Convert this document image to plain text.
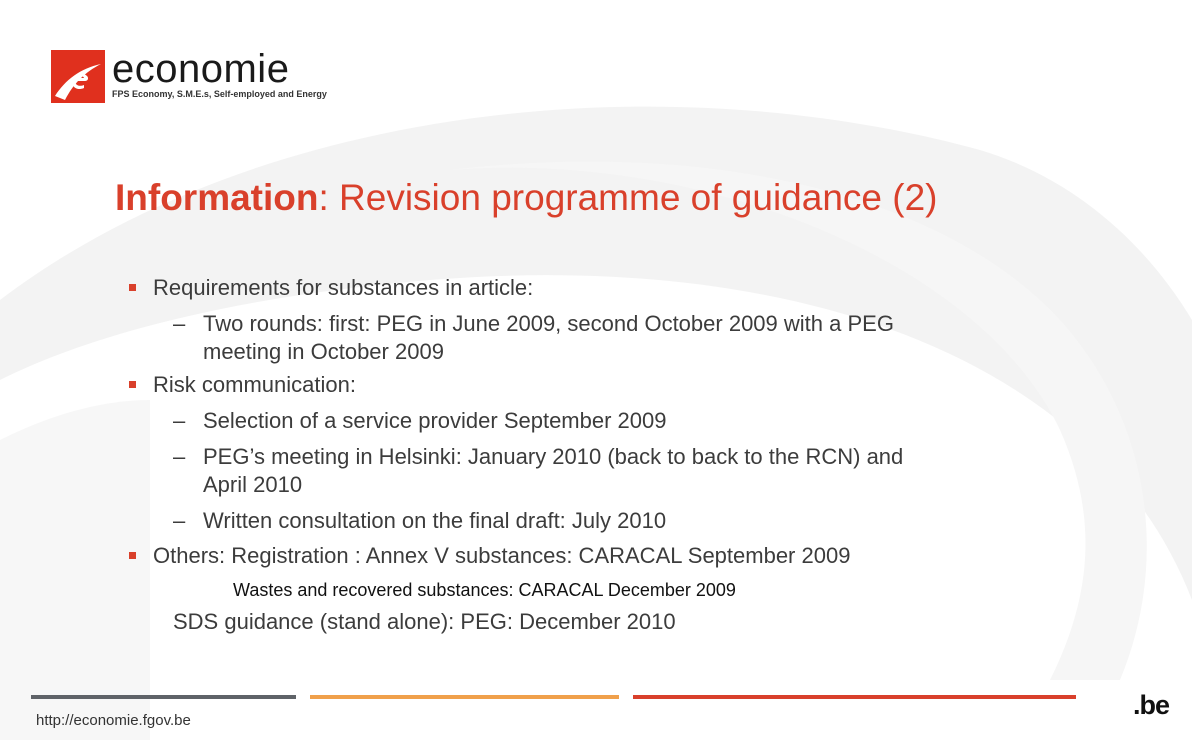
economie
FPS Economy, S.M.E.s, Self-employed and Energy
Information: Revision programme of guidance (2)
Requirements for substances in article:
– Two rounds: first: PEG in June 2009, second October 2009 with a PEG
meeting in October 2009
Risk communication:
– Selection of a service provider September 2009
– PEG’s meeting in Helsinki: January 2010 (back to back to the RCN) and
April 2010
– Written consultation on the final draft: July 2010
Others: Registration : Annex V substances: CARACAL September 2009
Wastes and recovered substances: CARACAL December 2009
SDS guidance (stand alone): PEG: December 2010
http://economie.fgov.be
.be
